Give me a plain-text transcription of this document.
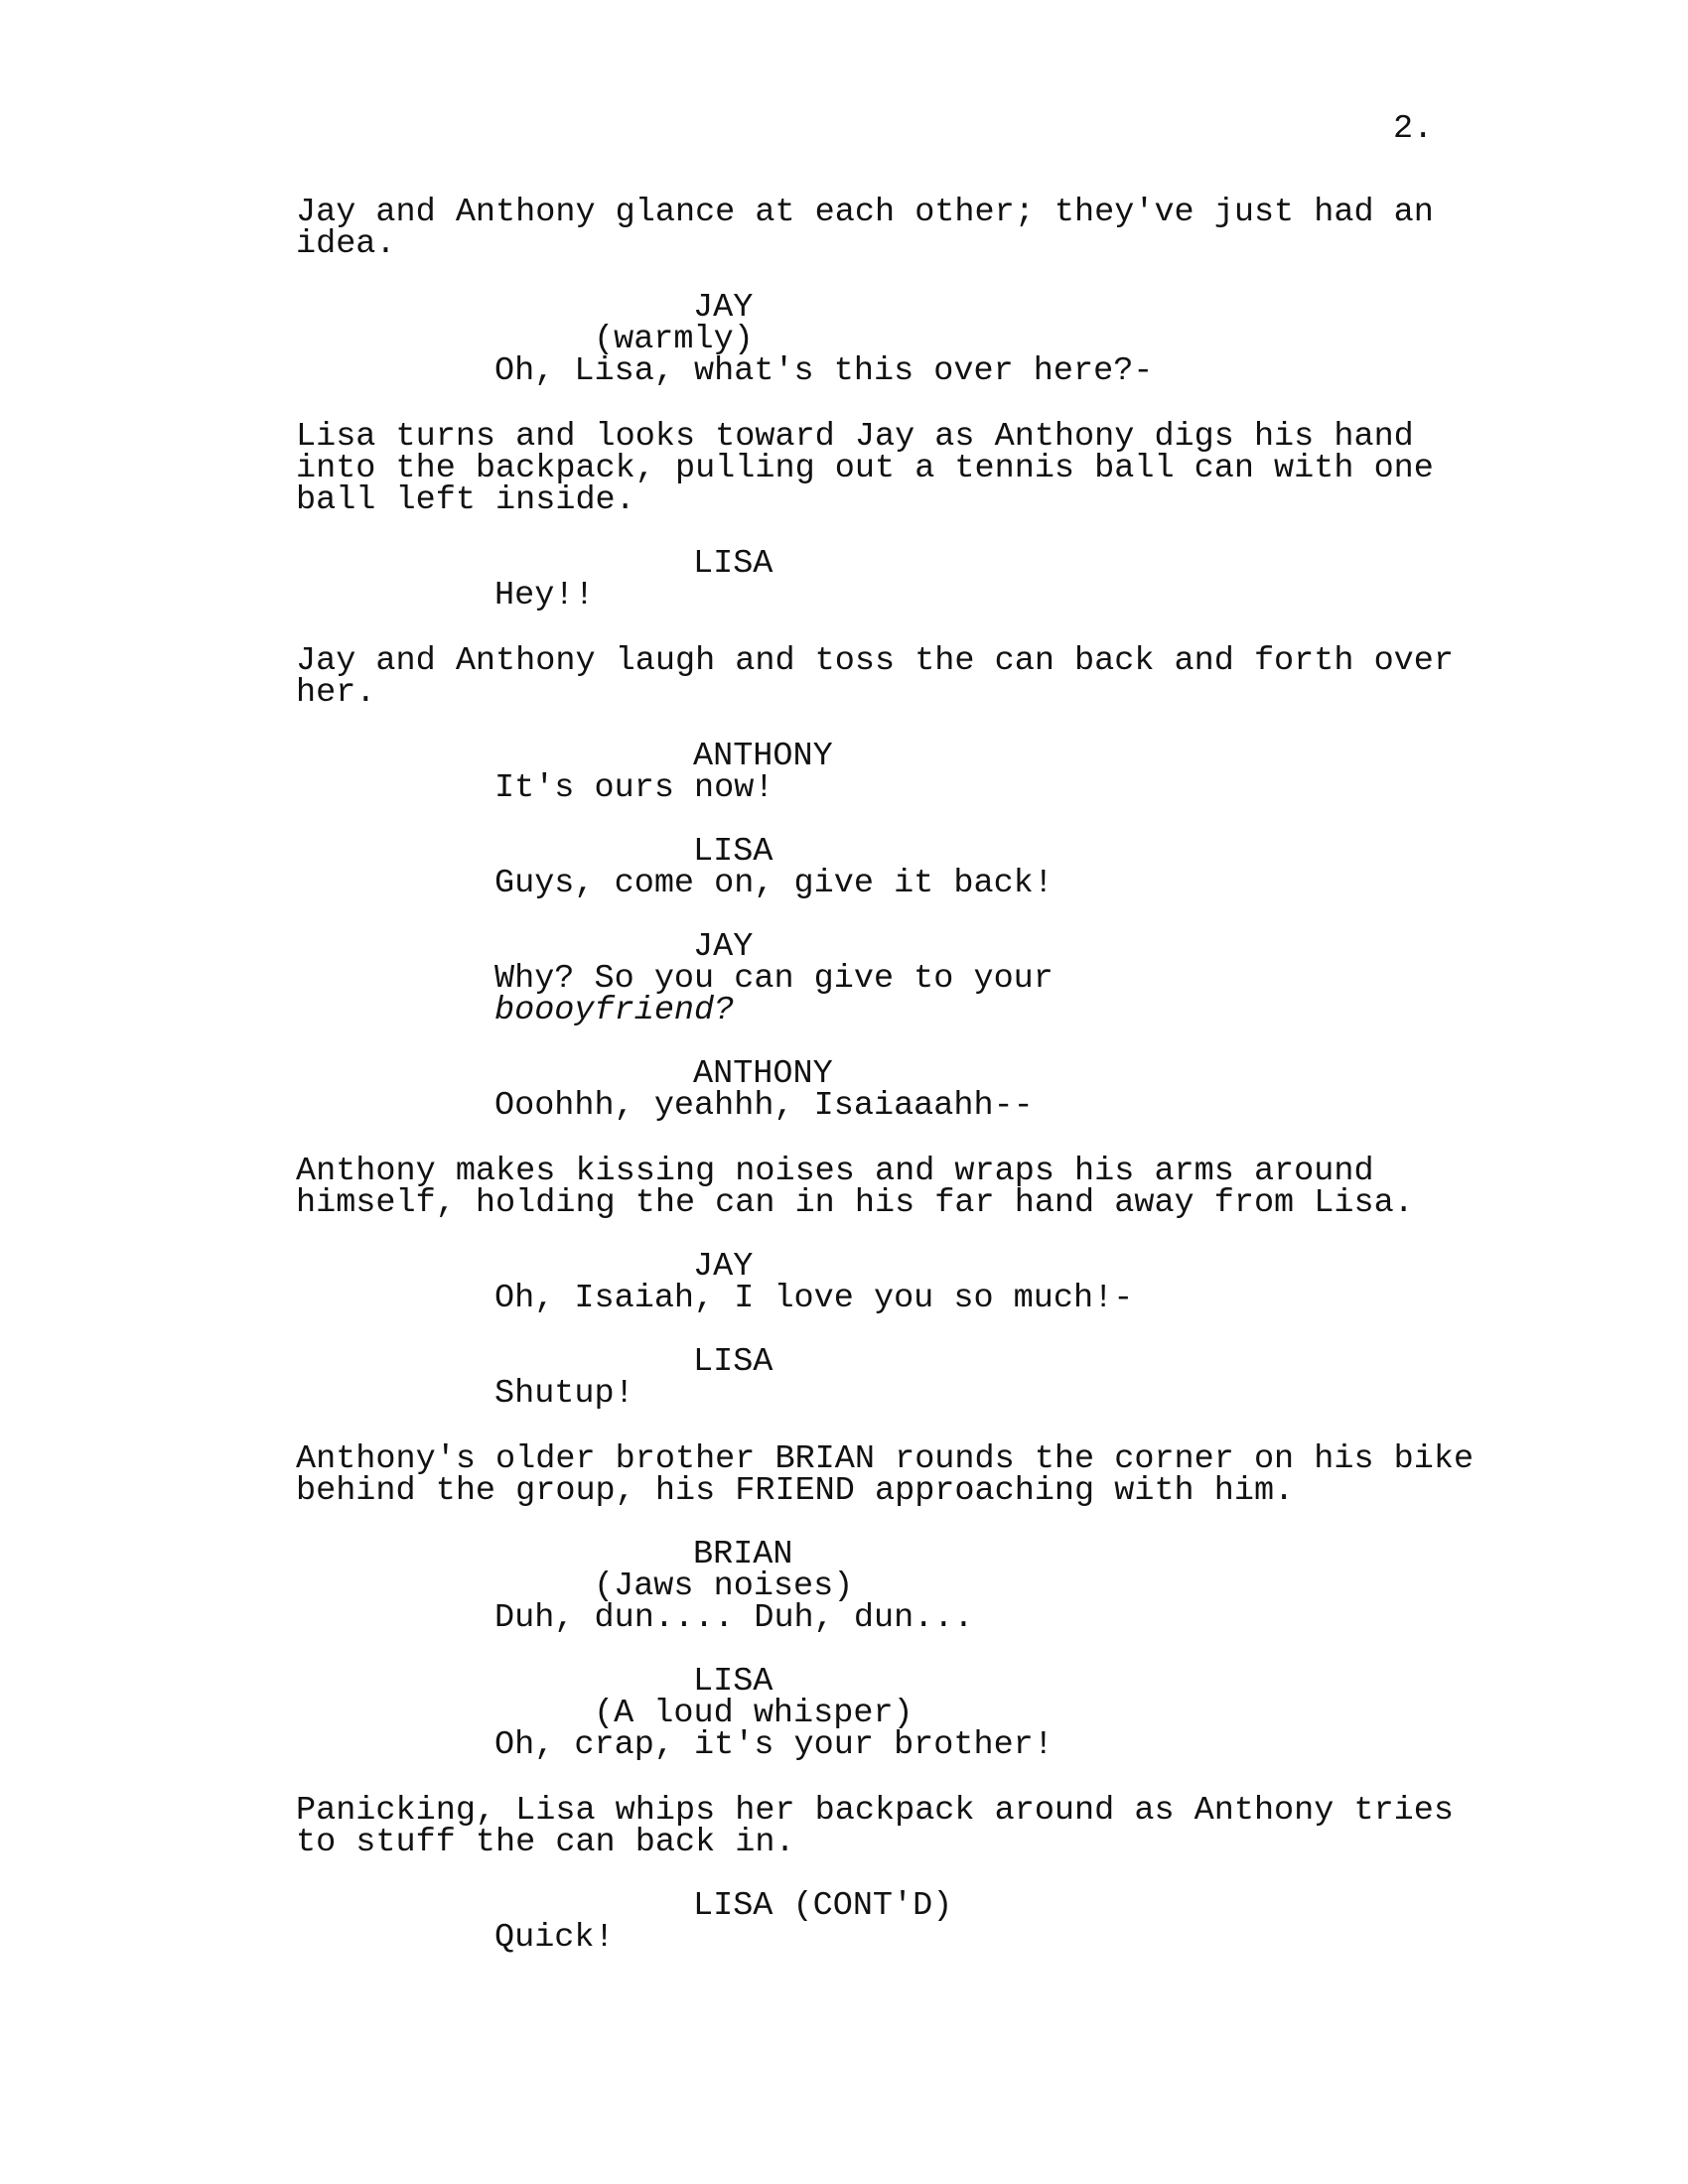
2.

Jay and Anthony glance at each other; they've just had an

idea.

JAY

(warmly)

Oh, Lisa, what's this over here?-

Lisa turns and looks toward Jay as Anthony digs his hand

into the backpack, pulling out a tennis ball can with one

ball left inside.

LISA

Hey!!

Jay and Anthony laugh and toss the can back and forth over

her.

ANTHONY

It's ours now!

LISA

Guys, come on, give it back!

JAY

Why? So you can give to your

boooyfriend?

ANTHONY

Ooohhh, yeahhh, Isaiaaahh--

Anthony makes kissing noises and wraps his arms around

himself, holding the can in his far hand away from Lisa.

JAY

Oh, Isaiah, I love you so much!-

LISA

Shutup!

Anthony's older brother BRIAN rounds the corner on his bike

behind the group, his FRIEND approaching with him.

BRIAN

(Jaws noises)

Duh, dun.... Duh, dun...

LISA

(A loud whisper)

Oh, crap, it's your brother!

Panicking, Lisa whips her backpack around as Anthony tries

to stuff the can back in.

LISA (CONT'D)

Quick!
